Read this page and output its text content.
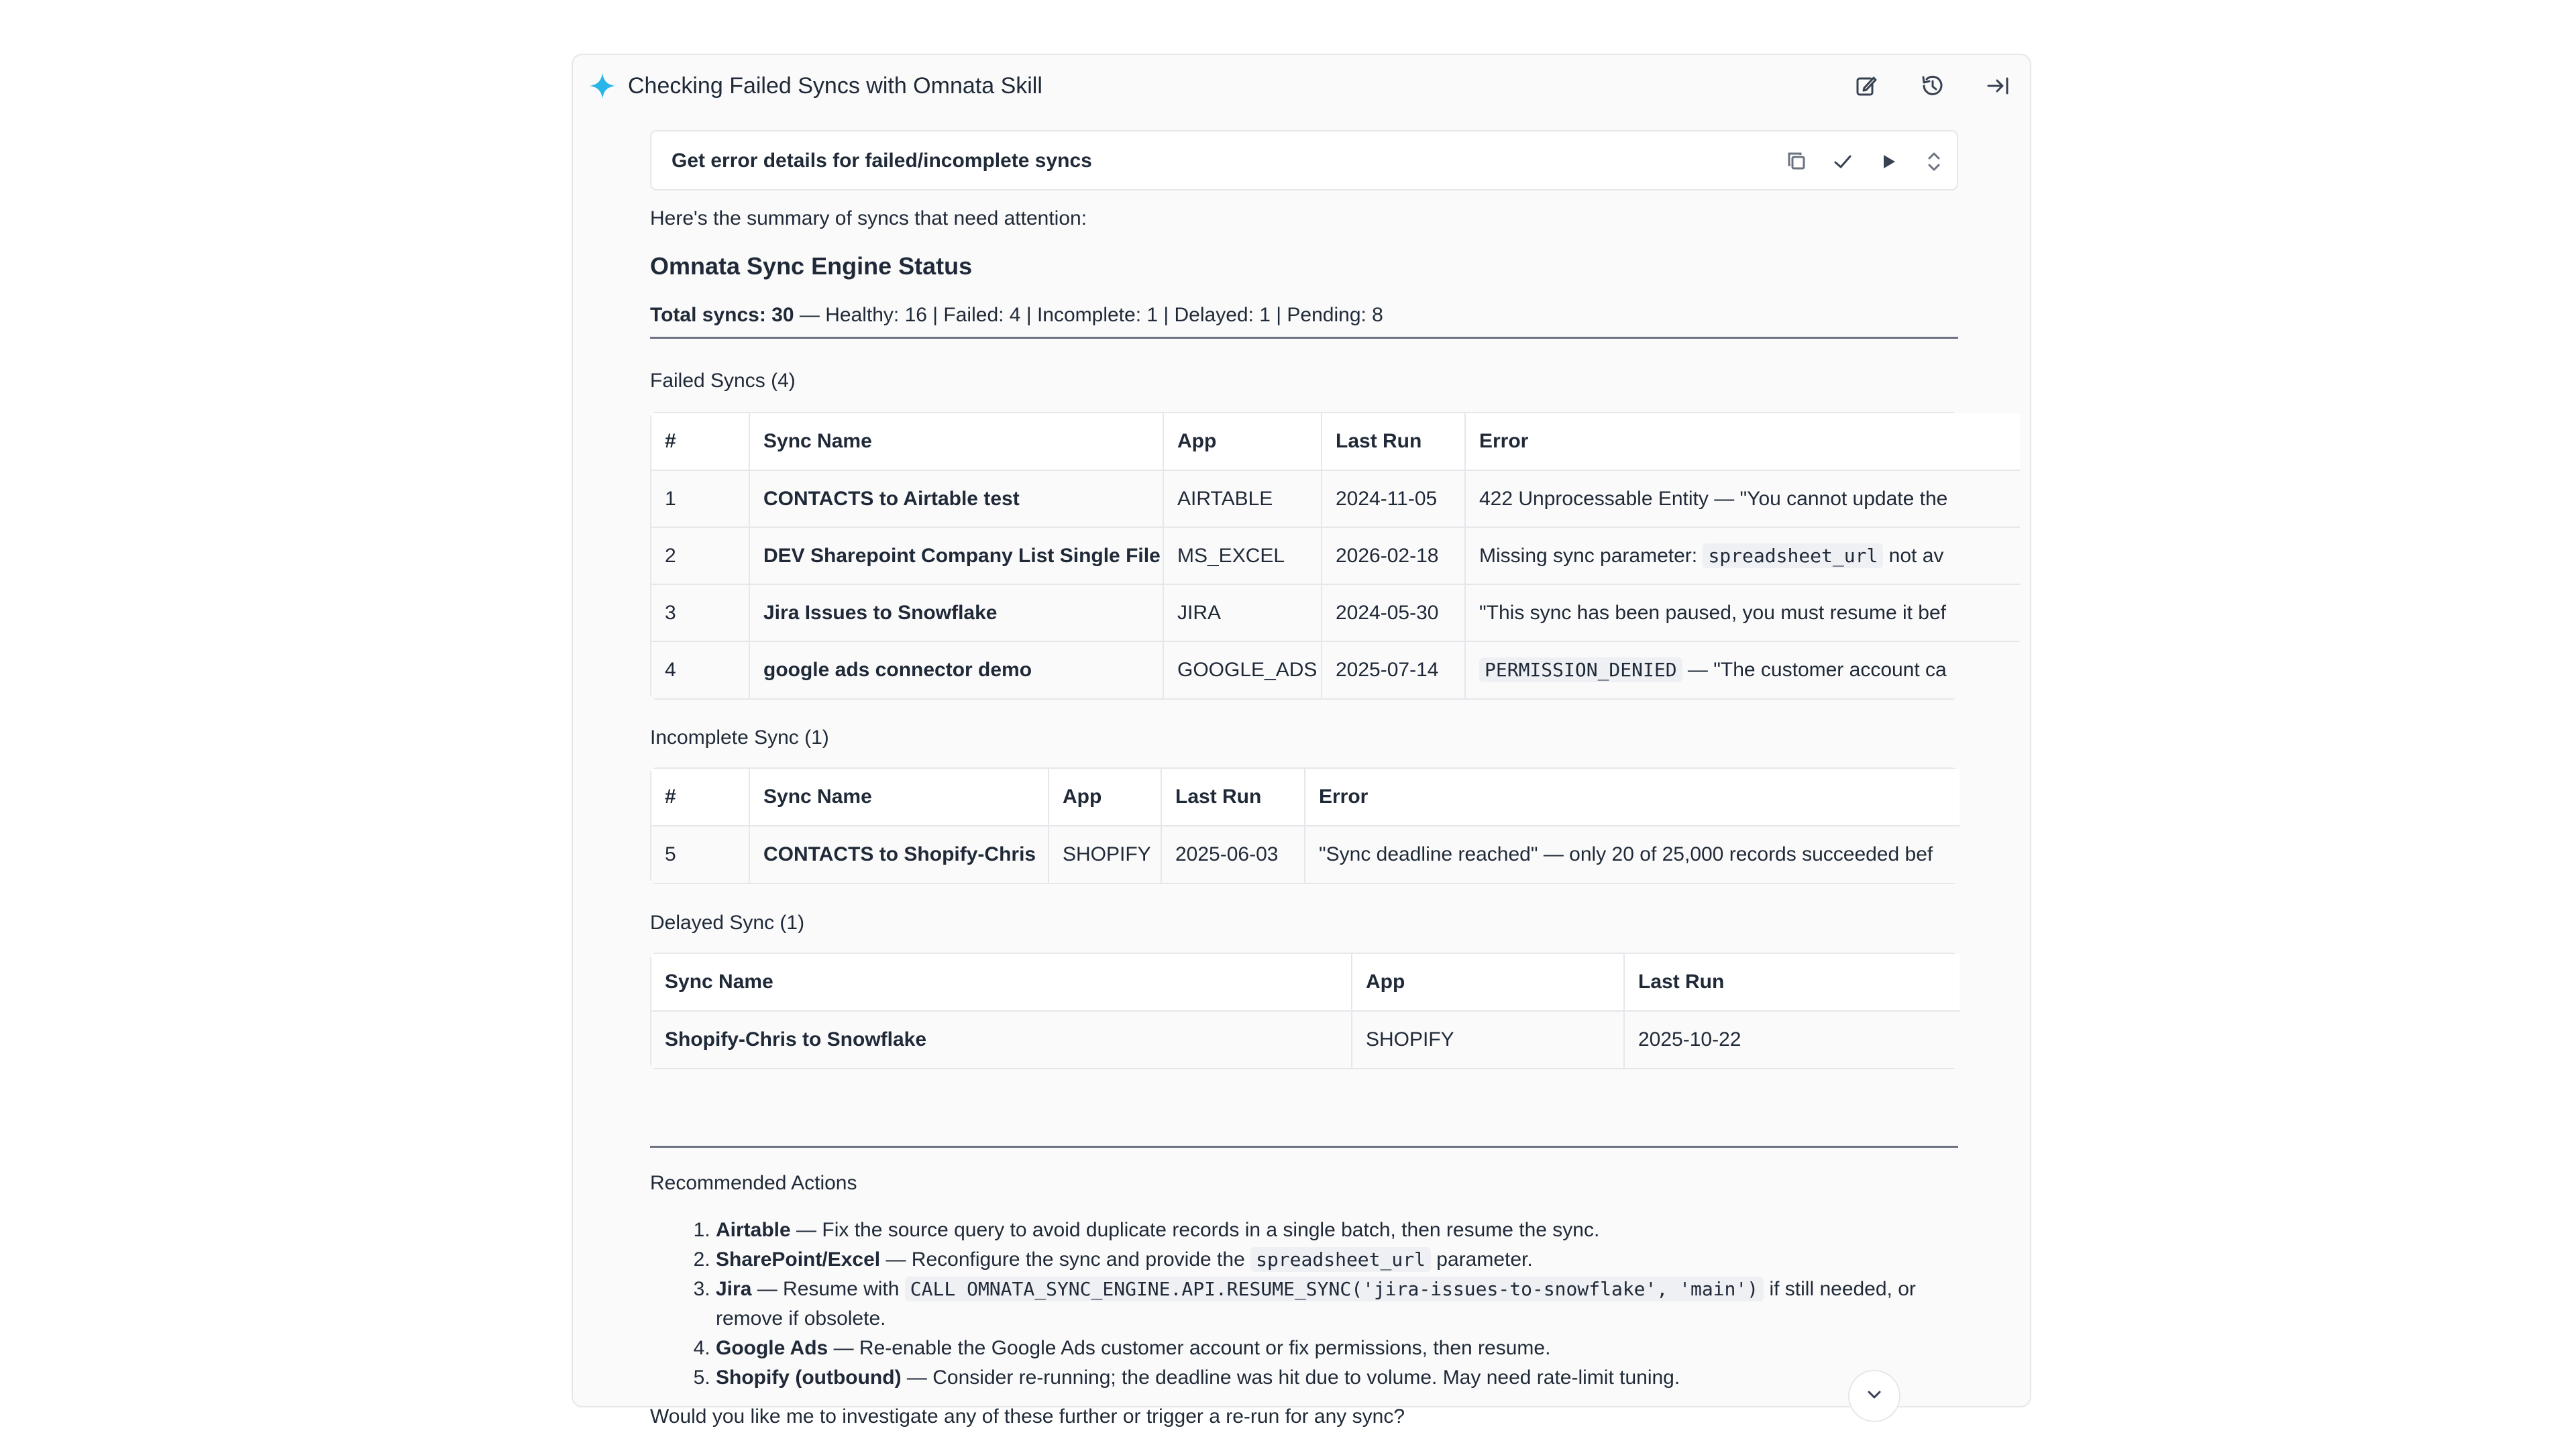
Checking Failed Syncs with Omnata Skill
Get error details for failed/incomplete syncs
Here's the summary of syncs that need attention:
Omnata Sync Engine Status
Total syncs: 30 — Healthy: 16 | Failed: 4 | Incomplete: 1 | Delayed: 1 | Pending: 8
Failed Syncs (4)
#	Sync Name	App	Last Run	Error
1	CONTACTS to Airtable test	AIRTABLE	2024-11-05	422 Unprocessable Entity — "You cannot update the
2	DEV Sharepoint Company List Single File	MS_EXCEL	2026-02-18	Missing sync parameter: spreadsheet_url not av
3	Jira Issues to Snowflake	JIRA	2024-05-30	"This sync has been paused, you must resume it bef
4	google ads connector demo	GOOGLE_ADS	2025-07-14	PERMISSION_DENIED — "The customer account ca
Incomplete Sync (1)
#	Sync Name	App	Last Run	Error
5	CONTACTS to Shopify-Chris	SHOPIFY	2025-06-03	"Sync deadline reached" — only 20 of 25,000 records succeeded bef
Delayed Sync (1)
Sync Name	App	Last Run
Shopify-Chris to Snowflake	SHOPIFY	2025-10-22
Recommended Actions
1. Airtable — Fix the source query to avoid duplicate records in a single batch, then resume the sync.
2. SharePoint/Excel — Reconfigure the sync and provide the spreadsheet_url parameter.
3. Jira — Resume with CALL OMNATA_SYNC_ENGINE.API.RESUME_SYNC('jira-issues-to-snowflake', 'main') if still needed, or remove if obsolete.
4. Google Ads — Re-enable the Google Ads customer account or fix permissions, then resume.
5. Shopify (outbound) — Consider re-running; the deadline was hit due to volume. May need rate-limit tuning.
Would you like me to investigate any of these further or trigger a re-run for any sync?
